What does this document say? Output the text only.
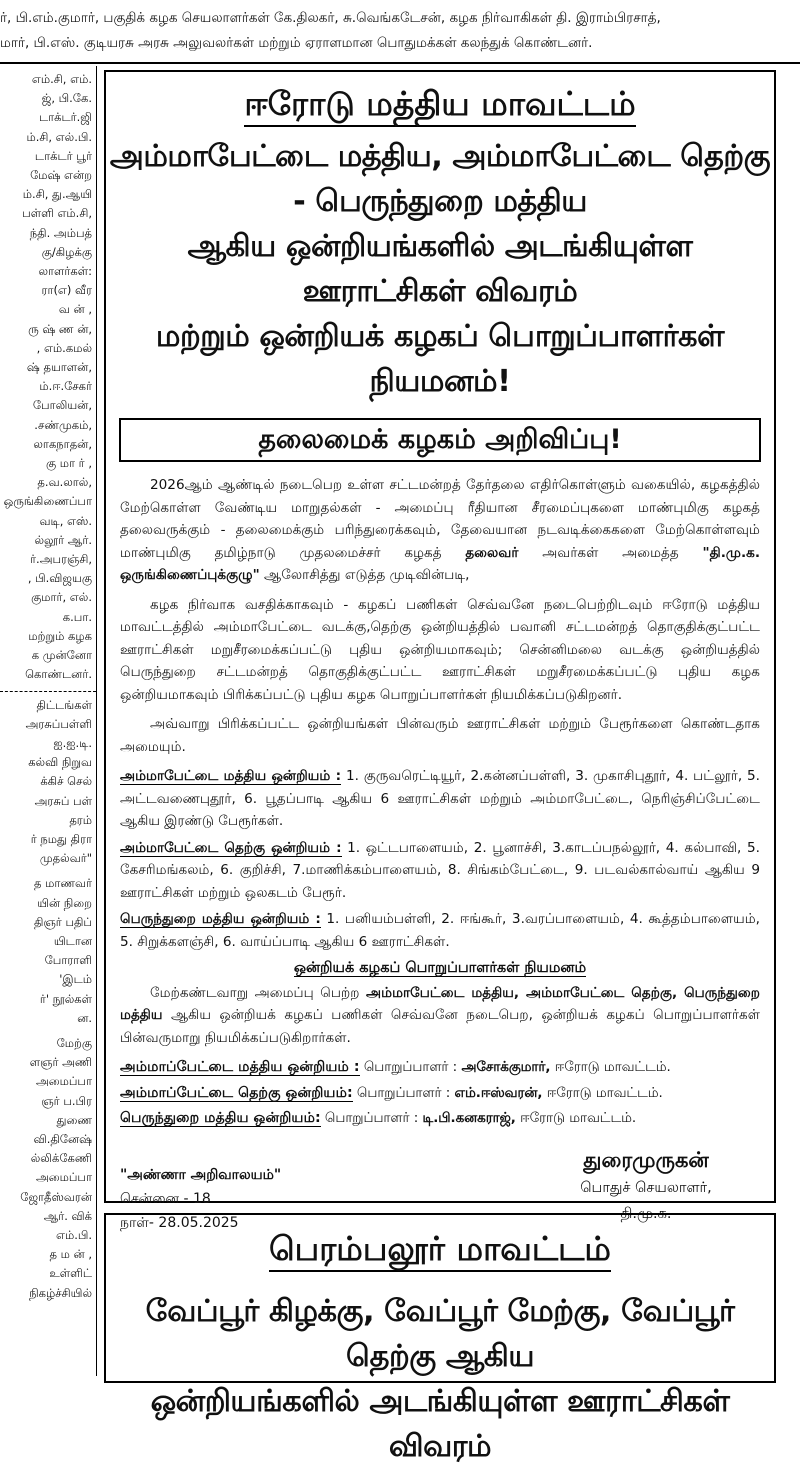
ர், பி.எம்.குமார், பகுதிக் கழக செயலாளர்கள் கே.திலகர், சு.வெங்கடேசன், கழக நிர்வாகிகள் தி. இராம்பிரசாத்,

மார், பி.எஸ். குடியரசு அரசு அலுவலர்கள் மற்றும் ஏராளமான பொதுமக்கள் கலந்துக் கொண்டனர்.

எம்.சி, எம்.

ஜ், பி.கே.

டாக்டர்.ஜி

ம்.சி, எல்.பி.

டாக்டர் பூர்

மேஷ் என்ற

ம்.சி, து.ஆயி

பள்ளி எம்.சி,

ந்தி. அம்பத்

கு/கிழக்கு

லாளர்கள்:

ரா(எ) வீர

வ ன் ,

ரு ஷ் ண ன்,

, எம்.கமல்

ஷ் தயாளன்,

ம்.ஈ.சேகர்

போலியன்,

.சண்முகம்,

லாகநாதன்,

கு மா ர் ,

த.வ.லால்,

ஒருங்கிணைப்பா

வடி, எஸ்.

ல்லூர் ஆர்.

ர்.அபரஞ்சி,

, பி.விஜயகு

குமார், எல்.

க.பா.

மற்றும் கழக

க முன்னோ

கொண்டனர்.

திட்டங்கள்

அரசுப்பள்ளி

ஐ.ஐ.டி.

கல்வி நிறுவ

க்கிச் செல்

அரசுப் பள்

தரம்

ர் நமது திரா

முதல்வர்"

த மாணவர்

யின் நிறை

திஞர் பதிப்

யிடான

போராளி

'இடம்

ர்' நூல்கள்

ன.

மேற்கு

ளஞர் அணி

அமைப்பா

ஞர் ப.பிர

துணை

வி.தினேஷ்

ல்லிக்கேணி

அமைப்பா

ஜோதீஸ்வரன்

ஆர். விக்

எம்.பி.

த ம ன் ,

உள்ளிட்

நிகழ்ச்சியில்

ஈரோடு மத்திய மாவட்டம்
அம்மாபேட்டை மத்திய, அம்மாபேட்டை தெற்கு - பெருந்துறை மத்திய
ஆகிய ஒன்றியங்களில் அடங்கியுள்ள ஊராட்சிகள் விவரம்
மற்றும் ஒன்றியக் கழகப் பொறுப்பாளர்கள் நியமனம்!
தலைமைக் கழகம் அறிவிப்பு!

2026ஆம் ஆண்டில் நடைபெற உள்ள சட்டமன்றத் தேர்தலை எதிர்கொள்ளும் வகையில், கழகத்தில் மேற்கொள்ள வேண்டிய மாறுதல்கள் - அமைப்பு ரீதியான சீரமைப்புகளை மாண்புமிகு கழகத் தலைவருக்கும் - தலைமைக்கும் பரிந்துரைக்கவும், தேவையான நடவடிக்கைகளை மேற்கொள்ளவும் மாண்புமிகு தமிழ்நாடு முதலமைச்சர் கழகத் தலைவர் அவர்கள் அமைத்த "தி.மு.க. ஒருங்கிணைப்புக்குழு" ஆலோசித்து எடுத்த முடிவின்படி,

கழக நிர்வாக வசதிக்காகவும் - கழகப் பணிகள் செவ்வனே நடைபெற்றிடவும் ஈரோடு மத்திய மாவட்டத்தில் அம்மாபேட்டை வடக்கு,தெற்கு ஒன்றியத்தில் பவானி சட்டமன்றத் தொகுதிக்குட்பட்ட ஊராட்சிகள் மறுசீரமைக்கப்பட்டு புதிய ஒன்றியமாகவும்; சென்னிமலை வடக்கு ஒன்றியத்தில் பெருந்துறை சட்டமன்றத் தொகுதிக்குட்பட்ட ஊராட்சிகள் மறுசீரமைக்கப்பட்டு புதிய கழக ஒன்றியமாகவும் பிரிக்கப்பட்டு புதிய கழக பொறுப்பாளர்கள் நியமிக்கப்படுகிறனர்.

அவ்வாறு பிரிக்கப்பட்ட ஒன்றியங்கள் பின்வரும் ஊராட்சிகள் மற்றும் பேரூர்களை கொண்டதாக அமையும்.

அம்மாபேட்டை மத்திய ஒன்றியம் : 1. குருவரெட்டியூர், 2.கன்னப்பள்ளி, 3. முகாசிபுதூர், 4. பட்லூர், 5. அட்டவணைபுதூர், 6. பூதப்பாடி ஆகிய 6 ஊராட்சிகள் மற்றும் அம்மாபேட்டை, நெரிஞ்சிப்பேட்டை ஆகிய இரண்டு பேரூர்கள்.

அம்மாபேட்டை தெற்கு ஒன்றியம் : 1. ஒட்டபாளையம், 2. பூனாச்சி, 3.காடப்பநல்லூர், 4. கல்பாவி, 5. கேசரிமங்கலம், 6. குறிச்சி, 7.மாணிக்கம்பாளையம், 8. சிங்கம்பேட்டை, 9. படவல்கால்வாய் ஆகிய 9 ஊராட்சிகள் மற்றும் ஒலகடம் பேரூர்.

பெருந்துறை மத்திய ஒன்றியம் : 1. பனியம்பள்ளி, 2. ஈங்கூர், 3.வரப்பாளையம், 4. கூத்தம்பாளையம், 5. சிறுக்களஞ்சி, 6. வாய்ப்பாடி ஆகிய 6 ஊராட்சிகள்.

ஒன்றியக் கழகப் பொறுப்பாளர்கள் நியமனம்

மேற்கண்டவாறு அமைப்பு பெற்ற அம்மாபேட்டை மத்திய, அம்மாபேட்டை தெற்கு, பெருந்துறை மத்திய ஆகிய ஒன்றியக் கழகப் பணிகள் செவ்வனே நடைபெற, ஒன்றியக் கழகப் பொறுப்பாளர்கள் பின்வருமாறு நியமிக்கப்படுகிறார்கள்.

அம்மாப்பேட்டை மத்திய ஒன்றியம் : பொறுப்பாளர் : அசோக்குமார், ஈரோடு மாவட்டம்.

அம்மாப்பேட்டை தெற்கு ஒன்றியம்: பொறுப்பாளர் : எம்.ஈஸ்வரன், ஈரோடு மாவட்டம்.

பெருந்துறை மத்திய ஒன்றியம்: பொறுப்பாளர் : டி.பி.கனகராஜ், ஈரோடு மாவட்டம்.

"அண்ணா அறிவாலயம்"
சென்னை - 18
நாள்- 28.05.2025
துரைமுருகன்
பொதுச் செயலாளர்,
தி.மு.க.
பெரம்பலூர் மாவட்டம்
வேப்பூர் கிழக்கு, வேப்பூர் மேற்கு, வேப்பூர் தெற்கு ஆகிய
ஒன்றியங்களில் அடங்கியுள்ள ஊராட்சிகள் விவரம்
